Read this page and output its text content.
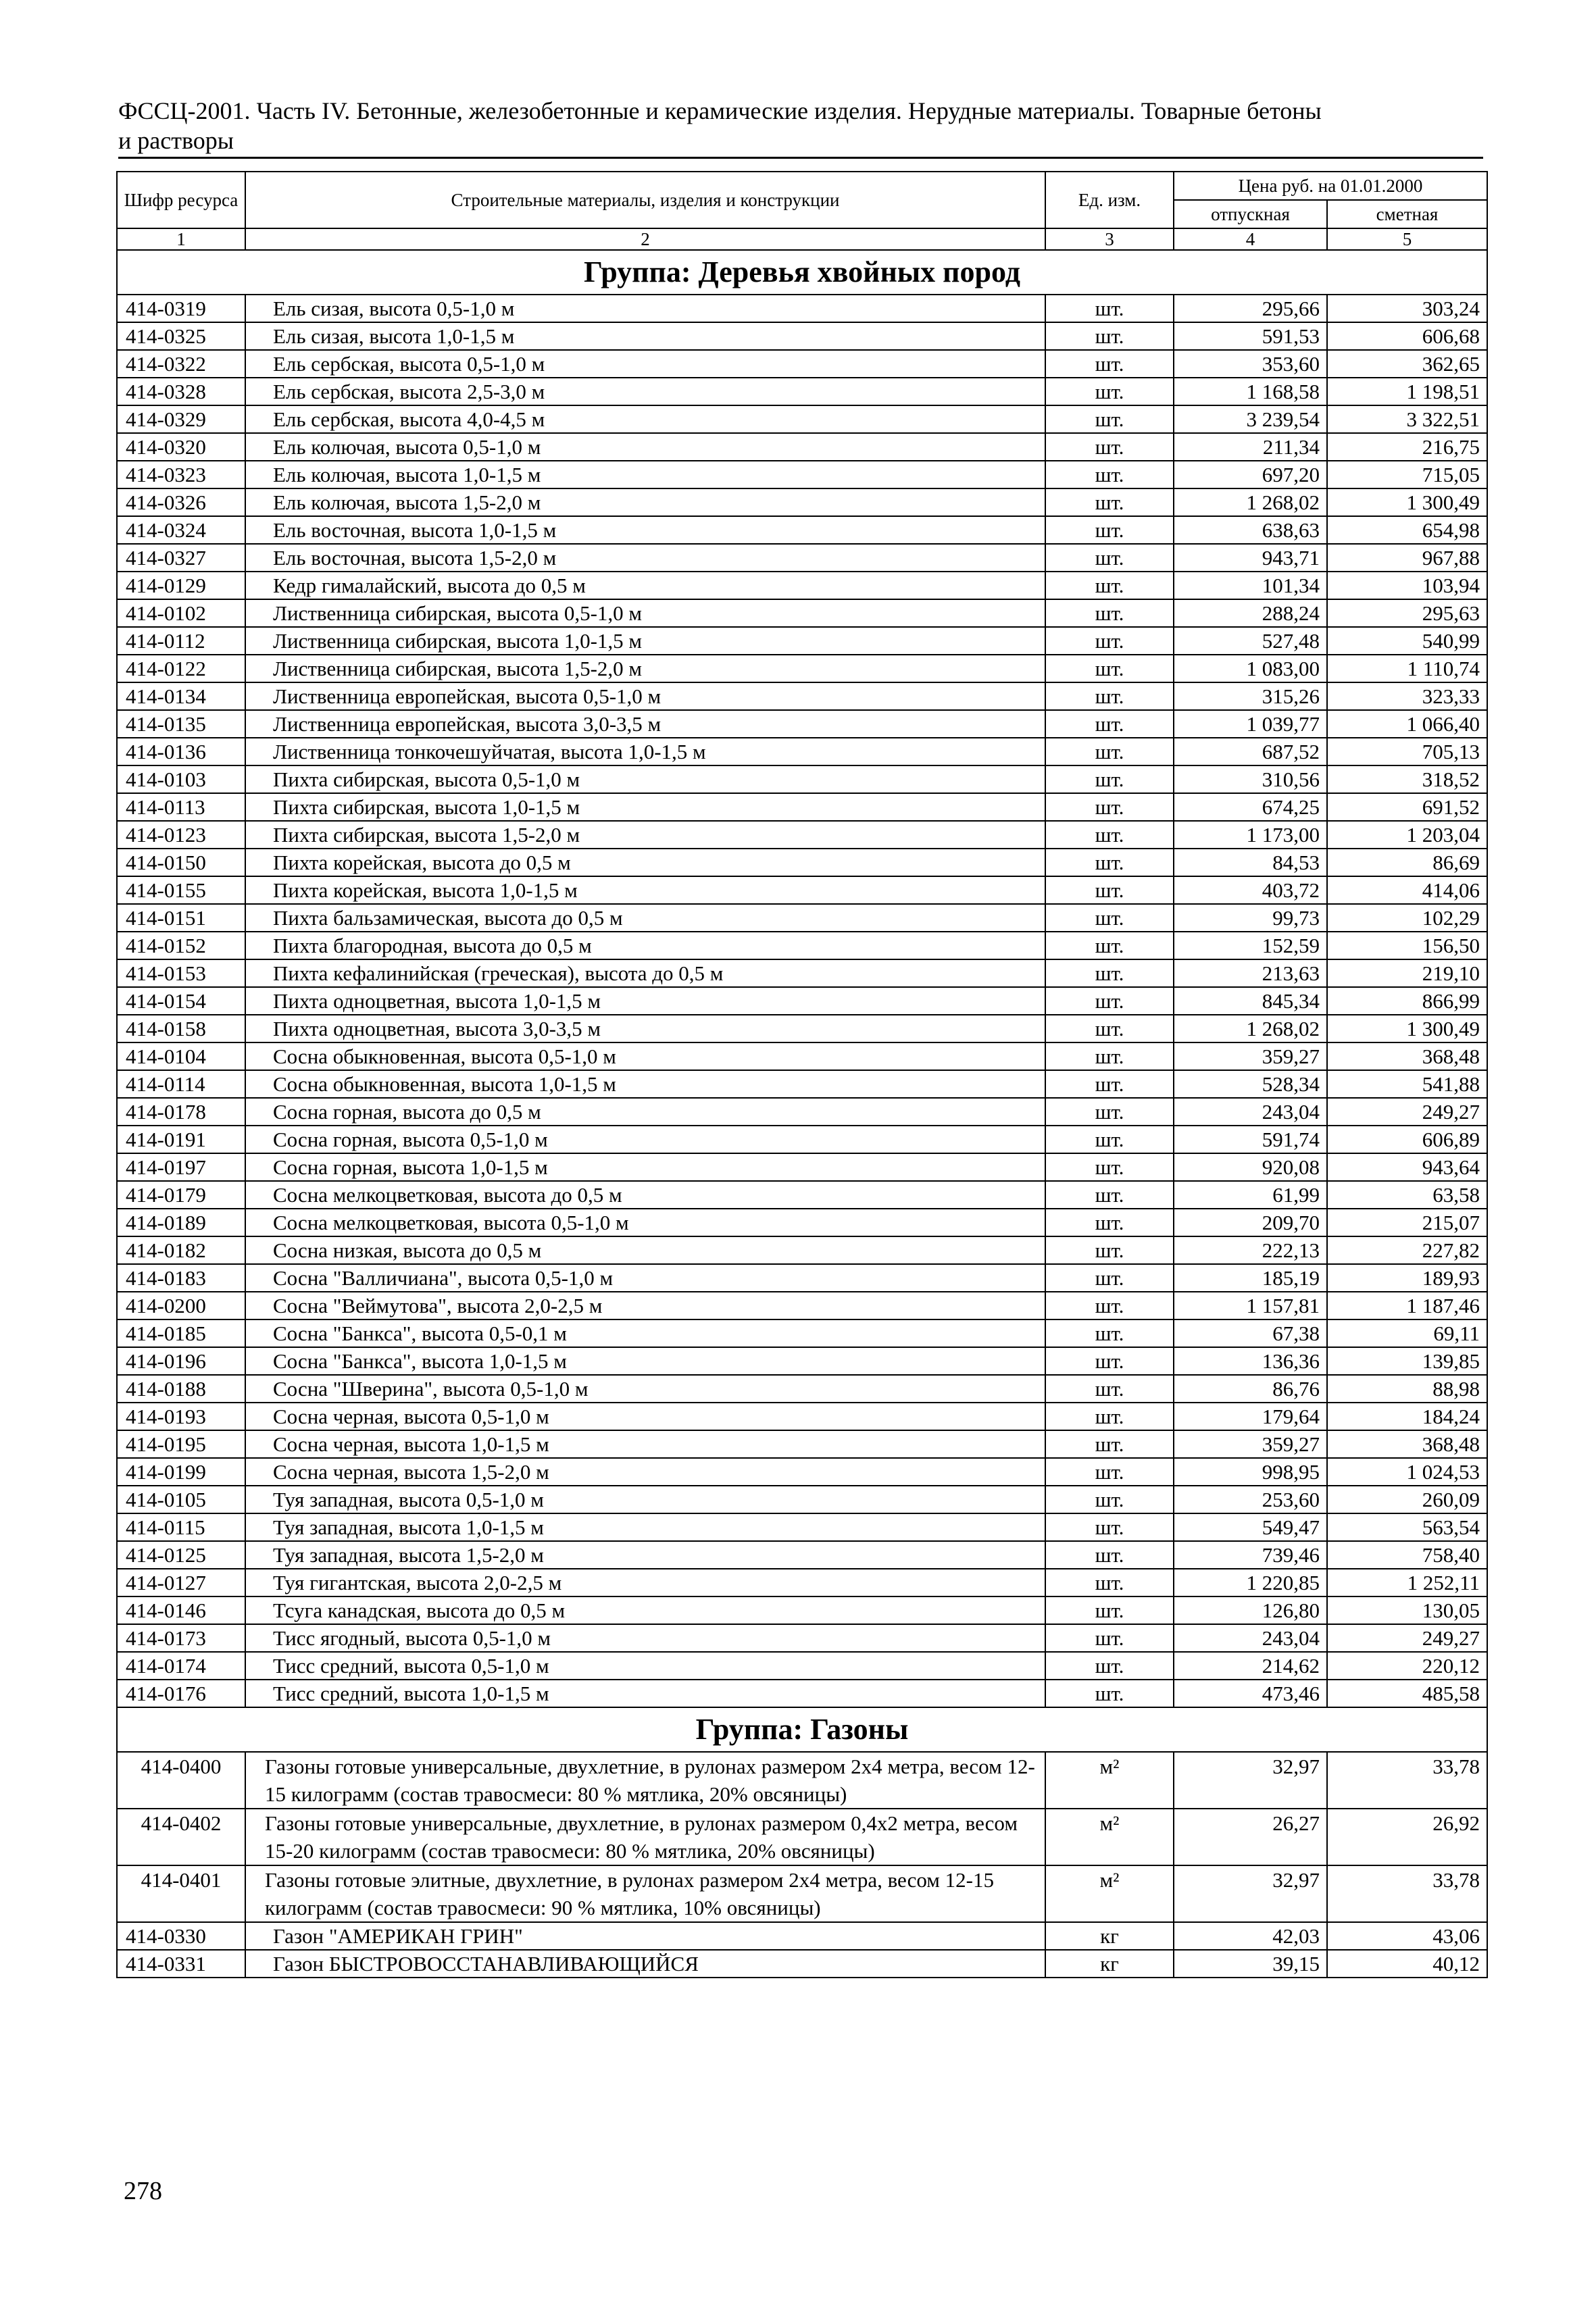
ФССЦ-2001. Часть IV. Бетонные, железобетонные и керамические изделия. Нерудные материалы. Товарные бетоны
и растворы
Шифр ресурса	Строительные материалы, изделия и конструкции	Ед. изм.	Цена руб. на 01.01.2000	
			отпускная	сметная
1	2	3	4	5
Группа: Деревья хвойных пород				
414-0319	Ель сизая, высота 0,5-1,0 м	шт.	295,66	303,24
414-0325	Ель сизая, высота 1,0-1,5 м	шт.	591,53	606,68
414-0322	Ель сербская, высота 0,5-1,0 м	шт.	353,60	362,65
414-0328	Ель сербская, высота 2,5-3,0 м	шт.	1 168,58	1 198,51
414-0329	Ель сербская, высота 4,0-4,5 м	шт.	3 239,54	3 322,51
414-0320	Ель колючая, высота 0,5-1,0 м	шт.	211,34	216,75
414-0323	Ель колючая, высота 1,0-1,5 м	шт.	697,20	715,05
414-0326	Ель колючая, высота 1,5-2,0 м	шт.	1 268,02	1 300,49
414-0324	Ель восточная, высота 1,0-1,5 м	шт.	638,63	654,98
414-0327	Ель восточная, высота 1,5-2,0 м	шт.	943,71	967,88
414-0129	Кедр гималайский, высота до 0,5 м	шт.	101,34	103,94
414-0102	Лиственница сибирская, высота 0,5-1,0 м	шт.	288,24	295,63
414-0112	Лиственница сибирская, высота 1,0-1,5 м	шт.	527,48	540,99
414-0122	Лиственница сибирская, высота 1,5-2,0 м	шт.	1 083,00	1 110,74
414-0134	Лиственница европейская, высота 0,5-1,0 м	шт.	315,26	323,33
414-0135	Лиственница европейская, высота 3,0-3,5 м	шт.	1 039,77	1 066,40
414-0136	Лиственница тонкочешуйчатая, высота 1,0-1,5 м	шт.	687,52	705,13
414-0103	Пихта сибирская, высота 0,5-1,0 м	шт.	310,56	318,52
414-0113	Пихта сибирская, высота 1,0-1,5 м	шт.	674,25	691,52
414-0123	Пихта сибирская, высота 1,5-2,0 м	шт.	1 173,00	1 203,04
414-0150	Пихта корейская, высота до 0,5 м	шт.	84,53	86,69
414-0155	Пихта корейская, высота 1,0-1,5 м	шт.	403,72	414,06
414-0151	Пихта бальзамическая, высота до 0,5 м	шт.	99,73	102,29
414-0152	Пихта благородная, высота до 0,5 м	шт.	152,59	156,50
414-0153	Пихта кефалинийская (греческая), высота до 0,5 м	шт.	213,63	219,10
414-0154	Пихта одноцветная, высота 1,0-1,5 м	шт.	845,34	866,99
414-0158	Пихта одноцветная, высота 3,0-3,5 м	шт.	1 268,02	1 300,49
414-0104	Сосна обыкновенная, высота 0,5-1,0 м	шт.	359,27	368,48
414-0114	Сосна обыкновенная, высота 1,0-1,5 м	шт.	528,34	541,88
414-0178	Сосна горная, высота до 0,5 м	шт.	243,04	249,27
414-0191	Сосна горная, высота 0,5-1,0 м	шт.	591,74	606,89
414-0197	Сосна горная, высота 1,0-1,5 м	шт.	920,08	943,64
414-0179	Сосна мелкоцветковая, высота до 0,5 м	шт.	61,99	63,58
414-0189	Сосна мелкоцветковая, высота 0,5-1,0 м	шт.	209,70	215,07
414-0182	Сосна низкая, высота до 0,5 м	шт.	222,13	227,82
414-0183	Сосна "Валличиана", высота 0,5-1,0 м	шт.	185,19	189,93
414-0200	Сосна "Веймутова", высота 2,0-2,5 м	шт.	1 157,81	1 187,46
414-0185	Сосна "Банкса", высота 0,5-0,1 м	шт.	67,38	69,11
414-0196	Сосна "Банкса", высота 1,0-1,5 м	шт.	136,36	139,85
414-0188	Сосна "Шверина", высота 0,5-1,0 м	шт.	86,76	88,98
414-0193	Сосна черная, высота 0,5-1,0 м	шт.	179,64	184,24
414-0195	Сосна черная, высота 1,0-1,5 м	шт.	359,27	368,48
414-0199	Сосна черная, высота 1,5-2,0 м	шт.	998,95	1 024,53
414-0105	Туя западная, высота 0,5-1,0 м	шт.	253,60	260,09
414-0115	Туя западная, высота 1,0-1,5 м	шт.	549,47	563,54
414-0125	Туя западная, высота 1,5-2,0 м	шт.	739,46	758,40
414-0127	Туя гигантская, высота 2,0-2,5 м	шт.	1 220,85	1 252,11
414-0146	Тсуга канадская, высота до 0,5 м	шт.	126,80	130,05
414-0173	Тисс ягодный, высота 0,5-1,0 м	шт.	243,04	249,27
414-0174	Тисс средний, высота 0,5-1,0 м	шт.	214,62	220,12
414-0176	Тисс средний, высота 1,0-1,5 м	шт.	473,46	485,58
Группа: Газоны				
414-0400	Газоны готовые универсальные, двухлетние, в рулонах размером 2x4 метра, весом 12-15 килограмм (состав травосмеси: 80 % мятлика, 20% овсяницы)	м²	32,97	33,78
414-0402	Газоны готовые универсальные, двухлетние, в рулонах размером 0,4x2 метра, весом 15-20 килограмм (состав травосмеси: 80 % мятлика, 20% овсяницы)	м²	26,27	26,92
414-0401	Газоны готовые элитные, двухлетние, в рулонах размером 2x4 метра, весом 12-15 килограмм (состав травосмеси: 90 % мятлика, 10% овсяницы)	м²	32,97	33,78
414-0330	Газон "АМЕРИКАН ГРИН"	кг	42,03	43,06
414-0331	Газон БЫСТРОВОССТАНАВЛИВАЮЩИЙСЯ	кг	39,15	40,12
278
